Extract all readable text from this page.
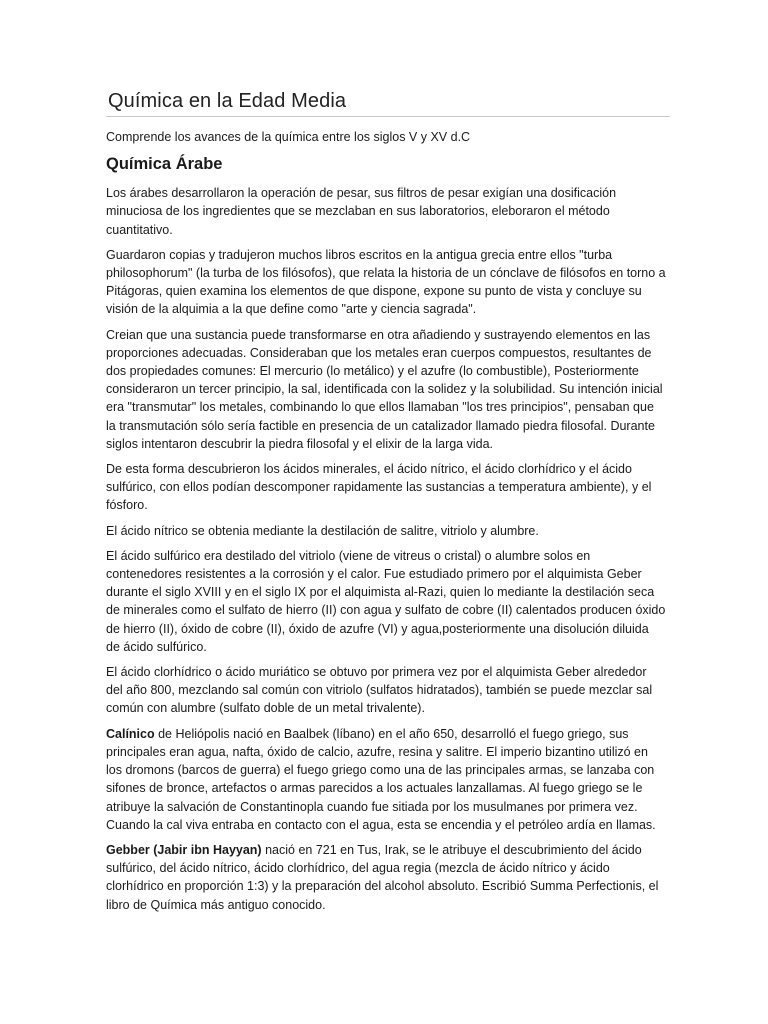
Química en la Edad Media

Comprende los avances de la química entre los siglos V y XV d.C

Química Árabe

Los árabes desarrollaron la operación de pesar, sus filtros de pesar exigían una dosificación minuciosa de los ingredientes que se mezclaban en sus laboratorios, eleboraron el método cuantitativo.

Guardaron copias y tradujeron muchos libros escritos en la antigua grecia entre ellos "turba philosophorum" (la turba de los filósofos), que relata la historia de un cónclave de filósofos en torno a Pitágoras, quien examina los elementos de que dispone, expone su punto de vista y concluye su visión de la alquimia a la que define como "arte y ciencia sagrada".

Creian que una sustancia puede transformarse en otra añadiendo y sustrayendo elementos en las proporciones adecuadas. Consideraban que los metales eran cuerpos compuestos, resultantes de dos propiedades comunes: El mercurio (lo metálico) y el azufre (lo combustible), Posteriormente consideraron un tercer principio, la sal, identificada con la solidez y la solubilidad. Su intención inicial era "transmutar" los metales, combinando lo que ellos llamaban "los tres principios", pensaban que la transmutación sólo sería factible en presencia de un catalizador llamado piedra filosofal. Durante siglos intentaron descubrir la piedra filosofal y el elixir de la larga vida.

De esta forma descubrieron los ácidos minerales, el ácido nítrico, el ácido clorhídrico y el ácido sulfúrico, con ellos podían descomponer rapidamente las sustancias a temperatura ambiente), y el fósforo.

El ácido nítrico se obtenia mediante la destilación de salitre, vitriolo y alumbre.

El ácido sulfúrico era destilado del vitriolo (viene de vitreus o cristal) o alumbre solos en contenedores resistentes a la corrosión y el calor. Fue estudiado primero por el alquimista Geber durante el siglo XVIII y en el siglo IX por el alquimista al-Razi, quien lo mediante la destilación seca de minerales como el sulfato de hierro (II) con agua y sulfato de cobre (II) calentados producen óxido de hierro (II), óxido de cobre (II), óxido de azufre (VI) y agua,posteriormente una disolución diluida de ácido sulfúrico.

El ácido clorhídrico o ácido muriático se obtuvo por primera vez por el alquimista Geber alrededor del año 800, mezclando sal común con vitriolo (sulfatos hidratados), también se puede mezclar sal común con alumbre (sulfato doble de un metal trivalente).

Calínico de Heliópolis nació en Baalbek (líbano) en el año 650, desarrolló el fuego griego, sus principales eran agua, nafta, óxido de calcio, azufre, resina y salitre. El imperio bizantino utilizó en los dromons (barcos de guerra) el fuego griego como una de las principales armas, se lanzaba con sifones de bronce, artefactos o armas parecidos a los actuales lanzallamas. Al fuego griego se le atribuye la salvación de Constantinopla cuando fue sitiada por los musulmanes por primera vez. Cuando la cal viva entraba en contacto con el agua, esta se encendia y el petróleo ardía en llamas.

Gebber (Jabir ibn Hayyan) nació en 721 en Tus, Irak, se le atribuye el descubrimiento del ácido sulfúrico, del ácido nítrico, ácido clorhídrico, del agua regia (mezcla de ácido nítrico y ácido clorhídrico en proporción 1:3) y la preparación del alcohol absoluto. Escribió Summa Perfectionis, el libro de Química más antiguo conocido.
